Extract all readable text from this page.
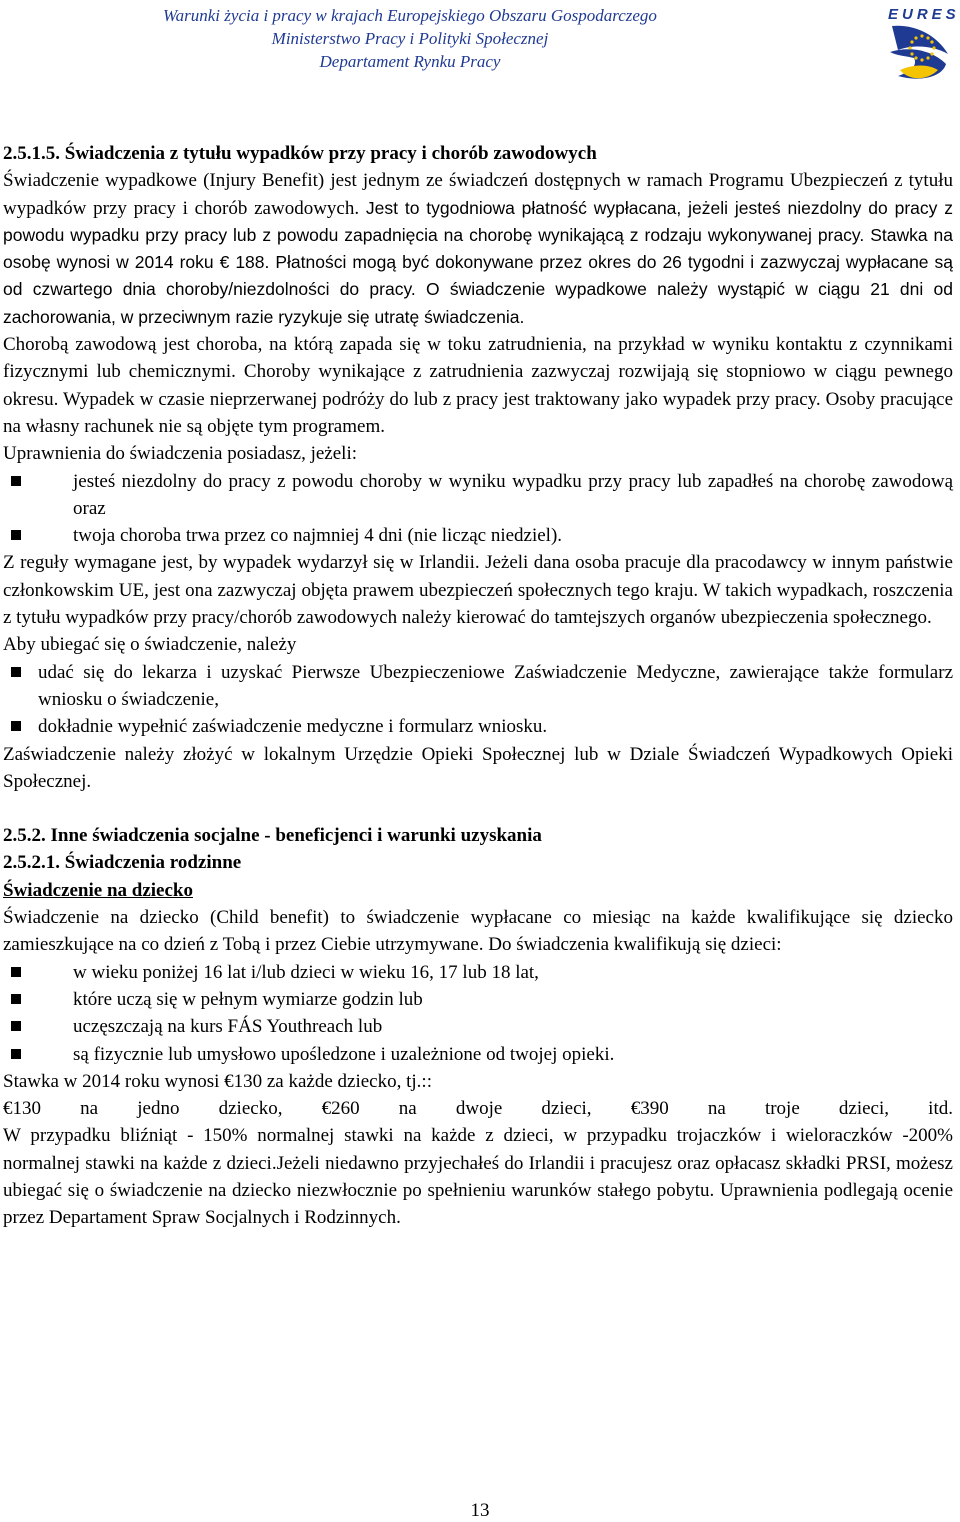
Warunki życia i pracy w krajach Europejskiego Obszaru Gospodarczego
Ministerstwo Pracy i Polityki Społecznej
Departament Rynku Pracy
EURES
2.5.1.5. Świadczenia z tytułu wypadków przy pracy i chorób zawodowych

Świadczenie wypadkowe (Injury Benefit) jest jednym ze świadczeń dostępnych w ramach Programu Ubezpieczeń z tytułu wypadków przy pracy i chorób zawodowych. Jest to tygodniowa płatność wypłacana, jeżeli jesteś niezdolny do pracy z powodu wypadku przy pracy lub z powodu zapadnięcia na chorobę wynikającą z rodzaju wykonywanej pracy. Stawka na osobę wynosi w 2014 roku € 188. Płatności mogą być dokonywane przez okres do 26 tygodni i zazwyczaj wypłacane są od czwartego dnia choroby/niezdolności do pracy. O świadczenie wypadkowe należy wystąpić w ciągu 21 dni od zachorowania, w przeciwnym razie ryzykuje się utratę świadczenia.

Chorobą zawodową jest choroba, na którą zapada się w toku zatrudnienia, na przykład w wyniku kontaktu z czynnikami fizycznymi lub chemicznymi. Choroby wynikające z zatrudnienia zazwyczaj rozwijają się stopniowo w ciągu pewnego okresu. Wypadek w czasie nieprzerwanej podróży do lub z pracy jest traktowany jako wypadek przy pracy. Osoby pracujące na własny rachunek nie są objęte tym programem.

Uprawnienia do świadczenia posiadasz, jeżeli:

jesteś niezdolny do pracy z powodu choroby w wyniku wypadku przy pracy lub zapadłeś na chorobę zawodową oraz
twoja choroba trwa przez co najmniej 4 dni (nie licząc niedziel).

Z reguły wymagane jest, by wypadek wydarzył się w Irlandii. Jeżeli dana osoba pracuje dla pracodawcy w innym państwie członkowskim UE, jest ona zazwyczaj objęta prawem ubezpieczeń społecznych tego kraju. W takich wypadkach, roszczenia z tytułu wypadków przy pracy/chorób zawodowych należy kierować do tamtejszych organów ubezpieczenia społecznego.

Aby ubiegać się o świadczenie, należy

udać się do lekarza i uzyskać Pierwsze Ubezpieczeniowe Zaświadczenie Medyczne, zawierające także formularz wniosku o świadczenie,
dokładnie wypełnić zaświadczenie medyczne i formularz wniosku.

Zaświadczenie należy złożyć w lokalnym Urzędzie Opieki Społecznej lub w Dziale Świadczeń Wypadkowych Opieki Społecznej.

2.5.2. Inne świadczenia socjalne - beneficjenci i warunki uzyskania
2.5.2.1. Świadczenia rodzinne
Świadczenie na dziecko

Świadczenie na dziecko (Child benefit) to świadczenie wypłacane co miesiąc na każde kwalifikujące się dziecko zamieszkujące na co dzień z Tobą i przez Ciebie utrzymywane. Do świadczenia kwalifikują się dzieci:

w wieku poniżej 16 lat i/lub dzieci w wieku 16, 17 lub 18 lat,
które uczą się w pełnym wymiarze godzin lub
uczęszczają na kurs FÁS Youthreach lub
są fizycznie lub umysłowo upośledzone i uzależnione od twojej opieki.

Stawka w 2014 roku wynosi €130 za każde dziecko, tj.::

€130 na jedno dziecko, €260 na dwoje dzieci, €390 na troje dzieci, itd.

W przypadku bliźniąt - 150% normalnej stawki na każde z dzieci, w przypadku trojaczków i wieloraczków -200% normalnej stawki na każde z dzieci.Jeżeli niedawno przyjechałeś do Irlandii i pracujesz oraz opłacasz składki PRSI, możesz ubiegać się o świadczenie na dziecko niezwłocznie po spełnieniu warunków stałego pobytu. Uprawnienia podlegają ocenie przez Departament Spraw Socjalnych i Rodzinnych.

13
